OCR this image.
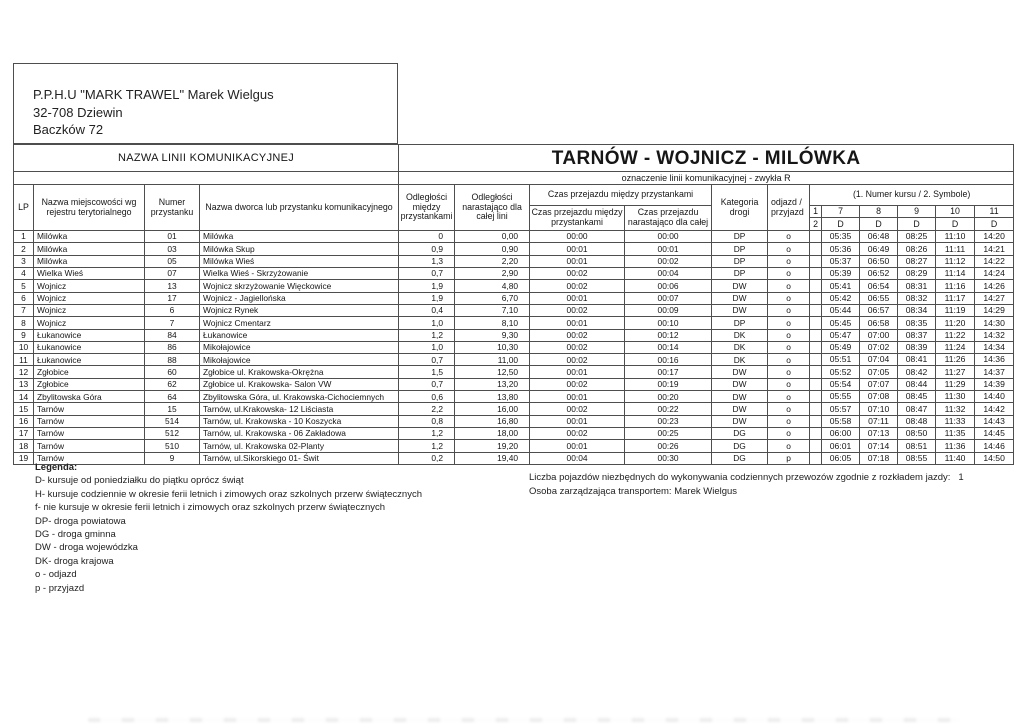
P.P.H.U "MARK TRAWEL" Marek Wielgus
32-708 Dziewin
Baczków 72
NAZWA LINII KOMUNIKACYJNEJ				TARNÓW - WOJNICZ - MILÓWKA											
				oznaczenie linii komunikacyjnej - zwykła R											
LP	Nazwa miejscowości wg rejestru terytorialnego	Numer przystanku	Nazwa dworca lub przystanku komunikacyjnego	Odległości między przystankami	Odległości narastająco dla całej lini	Czas przejazdu między przystankami		Kategoria drogi	odjazd / przyjazd	(1. Numer kursu / 2. Symbole)					
						Czas przejazdu między przystankami	Czas przejazdu narastająco dla całej			1	7	8	9	10	11
										2	D	D	D	D	D
1	Milówka	01	Milówka	0	0,00	00:00	00:00	DP	o		05:35	06:48	08:25	11:10	14:20
2	Milówka	03	Milówka Skup	0,9	0,90	00:01	00:01	DP	o		05:36	06:49	08:26	11:11	14:21
3	Milówka	05	Milówka Wieś	1,3	2,20	00:01	00:02	DP	o		05:37	06:50	08:27	11:12	14:22
4	Wielka Wieś	07	Wielka Wieś - Skrzyżowanie	0,7	2,90	00:02	00:04	DP	o		05:39	06:52	08:29	11:14	14:24
5	Wojnicz	13	Wojnicz skrzyżowanie Więckowice	1,9	4,80	00:02	00:06	DW	o		05:41	06:54	08:31	11:16	14:26
6	Wojnicz	17	Wojnicz - Jagiellońska	1,9	6,70	00:01	00:07	DW	o		05:42	06:55	08:32	11:17	14:27
7	Wojnicz	6	Wojnicz Rynek	0,4	7,10	00:02	00:09	DW	o		05:44	06:57	08:34	11:19	14:29
8	Wojnicz	7	Wojnicz Cmentarz	1,0	8,10	00:01	00:10	DP	o		05:45	06:58	08:35	11:20	14:30
9	Łukanowice	84	Łukanowice	1,2	9,30	00:02	00:12	DK	o		05:47	07:00	08:37	11:22	14:32
10	Łukanowice	86	Mikołajowice	1,0	10,30	00:02	00:14	DK	o		05:49	07:02	08:39	11:24	14:34
11	Łukanowice	88	Mikołajowice	0,7	11,00	00:02	00:16	DK	o		05:51	07:04	08:41	11:26	14:36
12	Zgłobice	60	Zgłobice ul. Krakowska-Okrężna	1,5	12,50	00:01	00:17	DW	o		05:52	07:05	08:42	11:27	14:37
13	Zgłobice	62	Zgłobice ul. Krakowska- Salon VW	0,7	13,20	00:02	00:19	DW	o		05:54	07:07	08:44	11:29	14:39
14	Zbylitowska Góra	64	Zbylitowska Góra, ul. Krakowska-Cichociemnych	0,6	13,80	00:01	00:20	DW	o		05:55	07:08	08:45	11:30	14:40
15	Tarnów	15	Tarnów, ul.Krakowska- 12 Liściasta	2,2	16,00	00:02	00:22	DW	o		05:57	07:10	08:47	11:32	14:42
16	Tarnów	514	Tarnów, ul. Krakowska - 10 Koszycka	0,8	16,80	00:01	00:23	DW	o		05:58	07:11	08:48	11:33	14:43
17	Tarnów	512	Tarnów, ul. Krakowska - 06 Zakładowa	1,2	18,00	00:02	00:25	DG	o		06:00	07:13	08:50	11:35	14:45
18	Tarnów	510	Tarnów, ul. Krakowska 02-Planty	1,2	19,20	00:01	00:26	DG	o		06:01	07:14	08:51	11:36	14:46
19	Tarnów	9	Tarnów, ul.Sikorskiego 01- Świt	0,2	19,40	00:04	00:30	DG	p		06:05	07:18	08:55	11:40	14:50
Legenda:
D- kursuje od poniedziałku do piątku oprócz świąt
H- kursuje codziennie w okresie ferii letnich i zimowych oraz szkolnych przerw świątecznych
f- nie kursuje w okresie ferii letnich i zimowych oraz szkolnych przerw świątecznych
DP- droga powiatowa
DG - droga gminna
DW - droga wojewódzka
DK- droga krajowa
o - odjazd
p - przyjazd
Liczba pojazdów niezbędnych do wykonywania codziennych przewozów zgodnie z rozkładem jazdy:   1
Osoba zarządzająca transportem: Marek Wielgus
